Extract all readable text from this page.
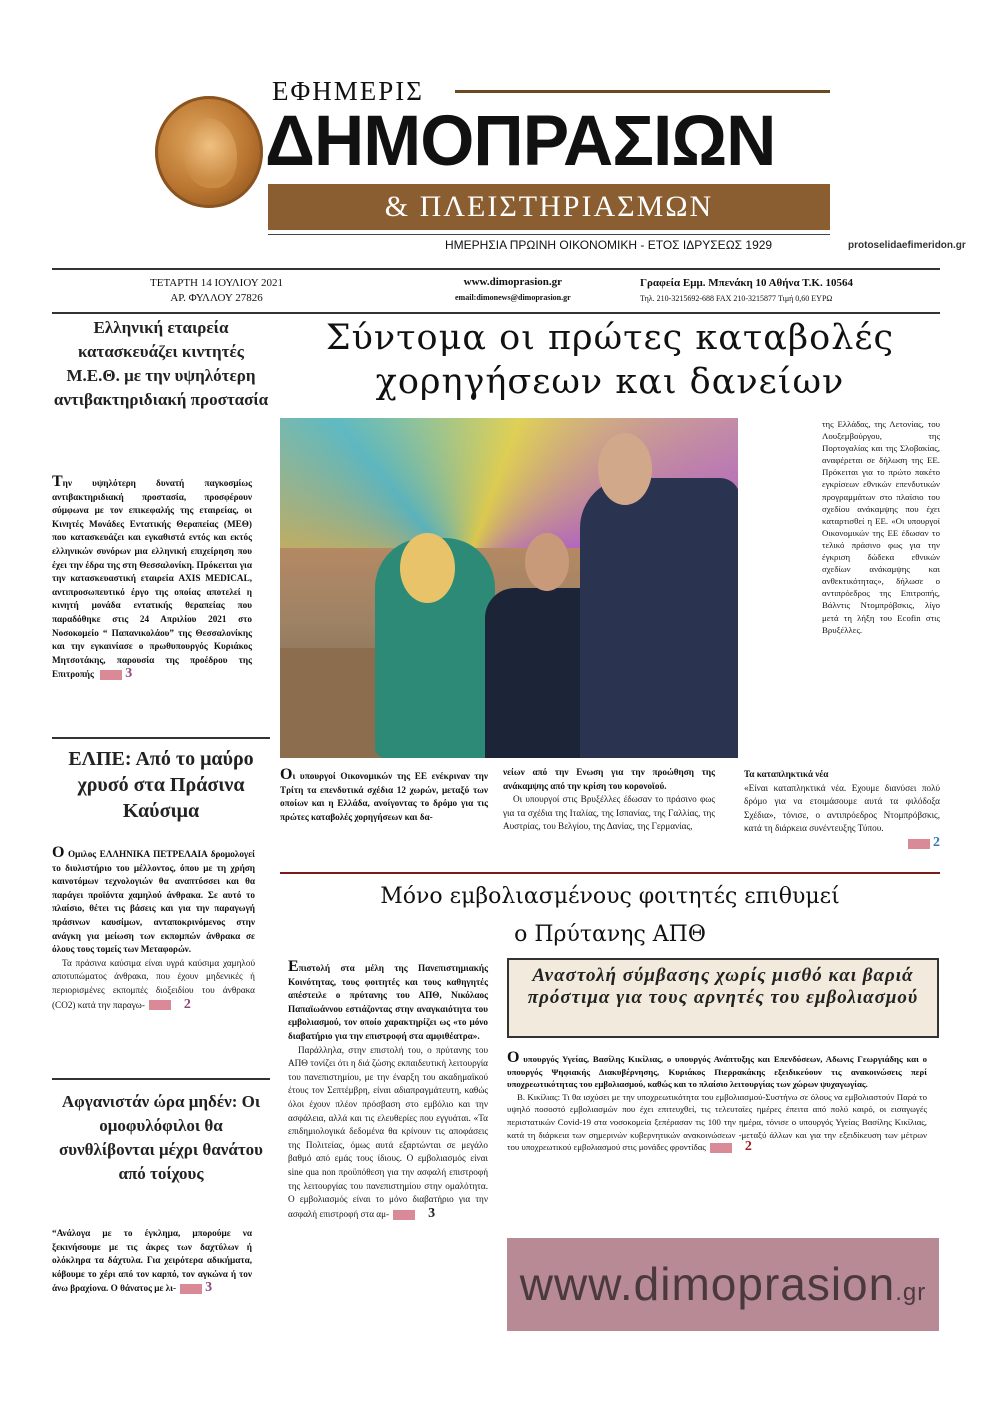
ΕΦΗΜΕΡΙΣ
ΔΗΜΟΠΡΑΣΙΩΝ
& ΠΛΕΙΣΤΗΡΙΑΣΜΩΝ
ΗΜΕΡΗΣΙΑ ΠΡΩΙΝΗ ΟΙΚΟΝΟΜΙΚΗ - ΕΤΟΣ ΙΔΡΥΣΕΩΣ 1929	protoselidaefimeridon.gr
ΤΕΤΑΡΤΗ 14 ΙΟΥΛΙΟΥ 2021
ΑΡ. ΦΥΛΛΟΥ 27826
www.dimoprasion.gr
email:dimonews@dimoprasion.gr
Γραφεία Εμμ. Μπενάκη 10 Αθήνα Τ.Κ. 10564
Τηλ. 210-3215692-688 FAX 210-3215877 Τιμή 0,60 ΕΥΡΩ
Ελληνική εταιρεία κατασκευάζει κιντητές Μ.Ε.Θ. με την υψηλότερη αντιβακτηριδιακή προστασία
Την υψηλότερη δυνατή παγκοσμίως αντιβακτηριδιακή προστασία, προσφέρουν σύμφωνα με τον επικεφαλής της εταιρείας, οι Κινητές Μονάδες Εντατικής Θεραπείας (ΜΕΘ) που κατασκευάζει και εγκαθιστά εντός και εκτός ελληνικών συνόρων μια ελληνική επιχείρηση που έχει την έδρα της στη Θεσσαλονίκη. Πρόκειται για την κατασκευαστική εταιρεία AXIS MEDICAL, αντιπροσωπευτικό έργο της οποίας αποτελεί η κινητή μονάδα εντατικής θεραπείας που παραδόθηκε στις 24 Απριλίου 2021 στο Νοσοκομείο “ Παπανικολάου” της Θεσσαλονίκης και την εγκαινίασε ο πρωθυπουργός Κυριάκος Μητσοτάκης, παρουσία της προέδρου της Επιτροπής 3
ΕΛΠΕ: Από το μαύρο χρυσό στα Πράσινα Καύσιμα
Ο Ομιλος ΕΛΛΗΝΙΚΑ ΠΕΤΡΕΛΑΙΑ δρομολογεί το διυλιστήριο του μέλλοντος, όπου με τη χρήση καινοτόμων τεχνολογιών θα αναπτύσσει και θα παράγει προϊόντα χαμηλού άνθρακα. Σε αυτό το πλαίσιο, θέτει τις βάσεις και για την παραγωγή πράσινων καυσίμων, ανταποκρινόμενος στην ανάγκη για μείωση των εκπομπών άνθρακα σε όλους τους τομείς των Μεταφορών.
Τα πράσινα καύσιμα είναι υγρά καύσιμα χαμηλού αποτυπώματος άνθρακα, που έχουν μηδενικές ή περιορισμένες εκπομπές διοξειδίου του άνθρακα (CO2) κατά την παραγω-	2
Αφγανιστάν ώρα μηδέν: Οι ομοφυλόφιλοι θα συνθλίβονται μέχρι θανάτου από τοίχους
“Ανάλογα με το έγκλημα, μπορούμε να ξεκινήσουμε με τις άκρες των δαχτύλων ή ολόκληρα τα δάχτυλα. Για χειρότερα αδικήματα, κόβουμε το χέρι από τον καρπό, τον αγκώνα ή τον άνω βραχίονα. Ο θάνατος με λι- 3
Σύντομα οι πρώτες καταβολές
χορηγήσεων και δανείων
της Ελλάδας, της Λετονίας, του Λουξεμβούργου, της Πορτογαλίας και της Σλοβακίας, αναφέρεται σε δήλωση της ΕΕ. Πρόκειται για το πρώτο πακέτο εγκρίσεων εθνικών επενδυτικών προγραμμάτων στο πλαίσιο του σχεδίου ανάκαμψης που έχει καταρτισθεί η ΕΕ. «Οι υπουργοί Οικονομικών της ΕΕ έδωσαν το τελικό πράσινο φως για την έγκριση δώδεκα εθνικών σχεδίων ανάκαμψης και ανθεκτικότητας», δήλωσε ο αντιπρόεδρος της Επιτροπής, Βάλντις Ντομπρόβσκις, λίγο μετά τη λήξη του Ecofin στις Βρυξέλλες.
Οι υπουργοί Οικονομικών της ΕΕ ενέκριναν την Τρίτη τα επενδυτικά σχέδια 12 χωρών, μεταξύ των οποίων και η Ελλάδα, ανοίγοντας το δρόμο για τις πρώτες καταβολές χορηγήσεων και δα-
νείων από την Ενωση για την προώθηση της ανάκαμψης από την κρίση του κορονοϊού.
Οι υπουργοί στις Βρυξέλλες έδωσαν το πράσινο φως για τα σχέδια της Ιταλίας, της Ισπανίας, της Γαλλίας, της Αυστρίας, του Βελγίου, της Δανίας, της Γερμανίας,
Τα καταπληκτικά νέα
«Είναι καταπληκτικά νέα. Εχουμε διανύσει πολύ δρόμο για να ετοιμάσουμε αυτά τα φιλόδοξα Σχέδια», τόνισε, ο αντιπρόεδρος Ντομπρόβσκις, κατά τη διάρκεια συνέντευξης Τύπου.
2
Μόνο εμβολιασμένους φοιτητές επιθυμεί
ο Πρύτανης ΑΠΘ
Επιστολή στα μέλη της Πανεπιστημιακής Κοινότητας, τους φοιτητές και τους καθηγητές απέστειλε ο πρύτανης του ΑΠΘ, Νικόλαος Παπαϊωάννου εστιάζοντας στην αναγκαιότητα του εμβολιασμού, τον οποίο χαρακτηρίζει ως «το μόνο διαβατήριο για την επιστροφή στα αμφιθέατρα».
Παράλληλα, στην επιστολή του, ο πρύτανης του ΑΠΘ τονίζει ότι η διά ζώσης εκπαιδευτική λειτουργία του πανεπιστημίου, με την έναρξη του ακαδημαϊκού έτους τον Σεπτέμβρη, είναι αδιαπραγμάτευτη, καθώς όλοι έχουν πλέον πρόσβαση στο εμβόλιο και την ασφάλεια, αλλά και τις ελευθερίες που εγγυάται. «Τα επιδημιολογικά δεδομένα θα κρίνουν τις αποφάσεις της Πολιτείας, όμως αυτά εξαρτώνται σε μεγάλο βαθμό από εμάς τους ίδιους. Ο εμβολιασμός είναι sine qua non προϋπόθεση για την ασφαλή επιστροφή της λειτουργίας του πανεπιστημίου στην ομαλότητα. Ο εμβολιασμός είναι το μόνο διαβατήριο για την ασφαλή επιστροφή στα αμ-	3
Αναστολή σύμβασης χωρίς μισθό και βαριά πρόστιμα για τους αρνητές του εμβολιασμού
Ο υπουργός Υγείας, Βασίλης Κικίλιας, ο υπουργός Ανάπτυξης και Επενδύσεων, Αδωνις Γεωργιάδης και ο υπουργός Ψηφιακής Διακυβέρνησης, Κυριάκος Πιερρακάκης εξειδικεύουν τις ανακοινώσεις περί υποχρεωτικότητας του εμβολιασμού, καθώς και το πλαίσιο λειτουργίας των χώρων ψυχαγωγίας.
Β. Κικίλιας: Τι θα ισχύσει με την υποχρεωτικότητα του εμβολιασμού-Συστήνω σε όλους να εμβολιαστούν Παρά το υψηλό ποσοστό εμβολιασμών που έχει επιτευχθεί, τις τελευταίες ημέρες έπειτα από πολύ καιρό, οι εισαγωγές περιστατικών Covid-19 στα νοσοκομεία ξεπέρασαν τις 100 την ημέρα, τόνισε ο υπουργός Υγείας Βασίλης Κικίλιας, κατά τη διάρκεια των σημερινών κυβερνητικών ανακοινώσεων -μεταξύ άλλων και για την εξειδίκευση των μέτρων του υποχρεωτικού εμβολιασμού στις μονάδες φροντίδας	2
www.dimoprasion.gr
